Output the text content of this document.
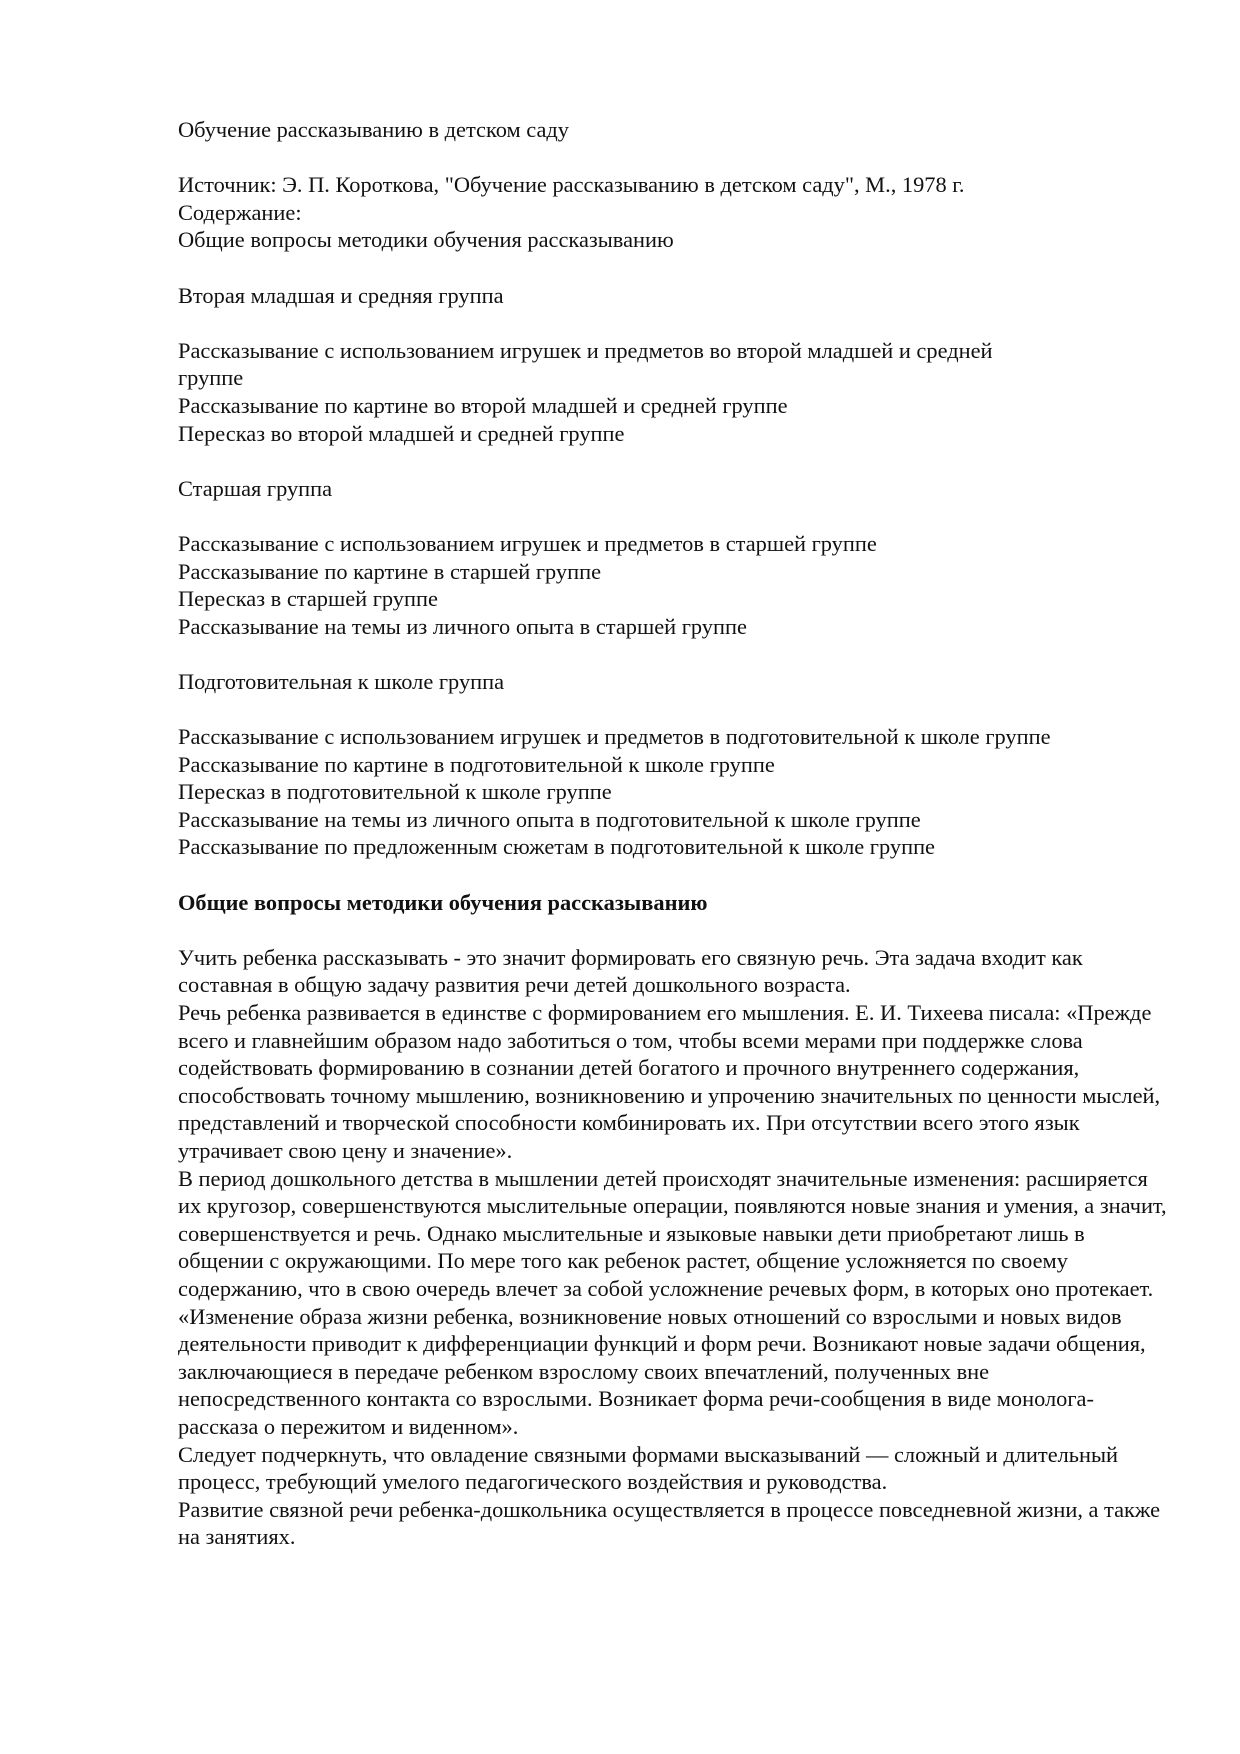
Обучение рассказыванию в детском саду
Источник: Э. П. Короткова, "Обучение рассказыванию в детском саду", М., 1978 г.
Содержание:
Общие вопросы методики обучения рассказыванию
Вторая младшая и средняя группа
Рассказывание с использованием игрушек и предметов во второй младшей и средней группе
Рассказывание по картине во второй младшей и средней группе
Пересказ во второй младшей и средней группе
Старшая группа
Рассказывание с использованием игрушек и предметов в старшей группе
Рассказывание по картине в старшей группе
Пересказ в старшей группе
Рассказывание на темы из личного опыта в старшей группе
Подготовительная к школе группа
Рассказывание с использованием игрушек и предметов в подготовительной к школе группе
Рассказывание по картине в подготовительной к школе группе
Пересказ в подготовительной к школе группе
Рассказывание на темы из личного опыта в подготовительной к школе группе
Рассказывание по предложенным сюжетам в подготовительной к школе группе
Общие вопросы методики обучения рассказыванию
Учить ребенка рассказывать - это значит формировать его связную речь. Эта задача входит как составная в общую задачу развития речи детей дошкольного возраста.
Речь ребенка развивается в единстве с формированием его мышления. Е. И. Тихеева писала: «Прежде всего и главнейшим образом надо заботиться о том, чтобы всеми мерами при поддержке слова содействовать формированию в сознании детей богатого и прочного внутреннего содержания, способствовать точному мышлению, возникновению и упрочению значительных по ценности мыслей, представлений и творческой способности комбинировать их. При отсутствии всего этого язык утрачивает свою цену и значение».
В период дошкольного детства в мышлении детей происходят значительные изменения: расширяется их кругозор, совершенствуются мыслительные операции, появляются новые знания и умения, а значит, совершенствуется и речь. Однако мыслительные и языковые навыки дети приобретают лишь в общении с окружающими. По мере того как ребенок растет, общение усложняется по своему содержанию, что в свою очередь влечет за собой усложнение речевых форм, в которых оно протекает.
«Изменение образа жизни ребенка, возникновение новых отношений со взрослыми и новых видов деятельности приводит к дифференциации функций и форм речи. Возникают новые задачи общения, заключающиеся в передаче ребенком взрослому своих впечатлений, полученных вне непосредственного контакта со взрослыми. Возникает форма речи-сообщения в виде монолога-рассказа о пережитом и виденном».
Следует подчеркнуть, что овладение связными формами высказываний — сложный и длительный процесс, требующий умелого педагогического воздействия и руководства.
Развитие связной речи ребенка-дошкольника осуществляется в процессе повседневной жизни, а также на занятиях.
